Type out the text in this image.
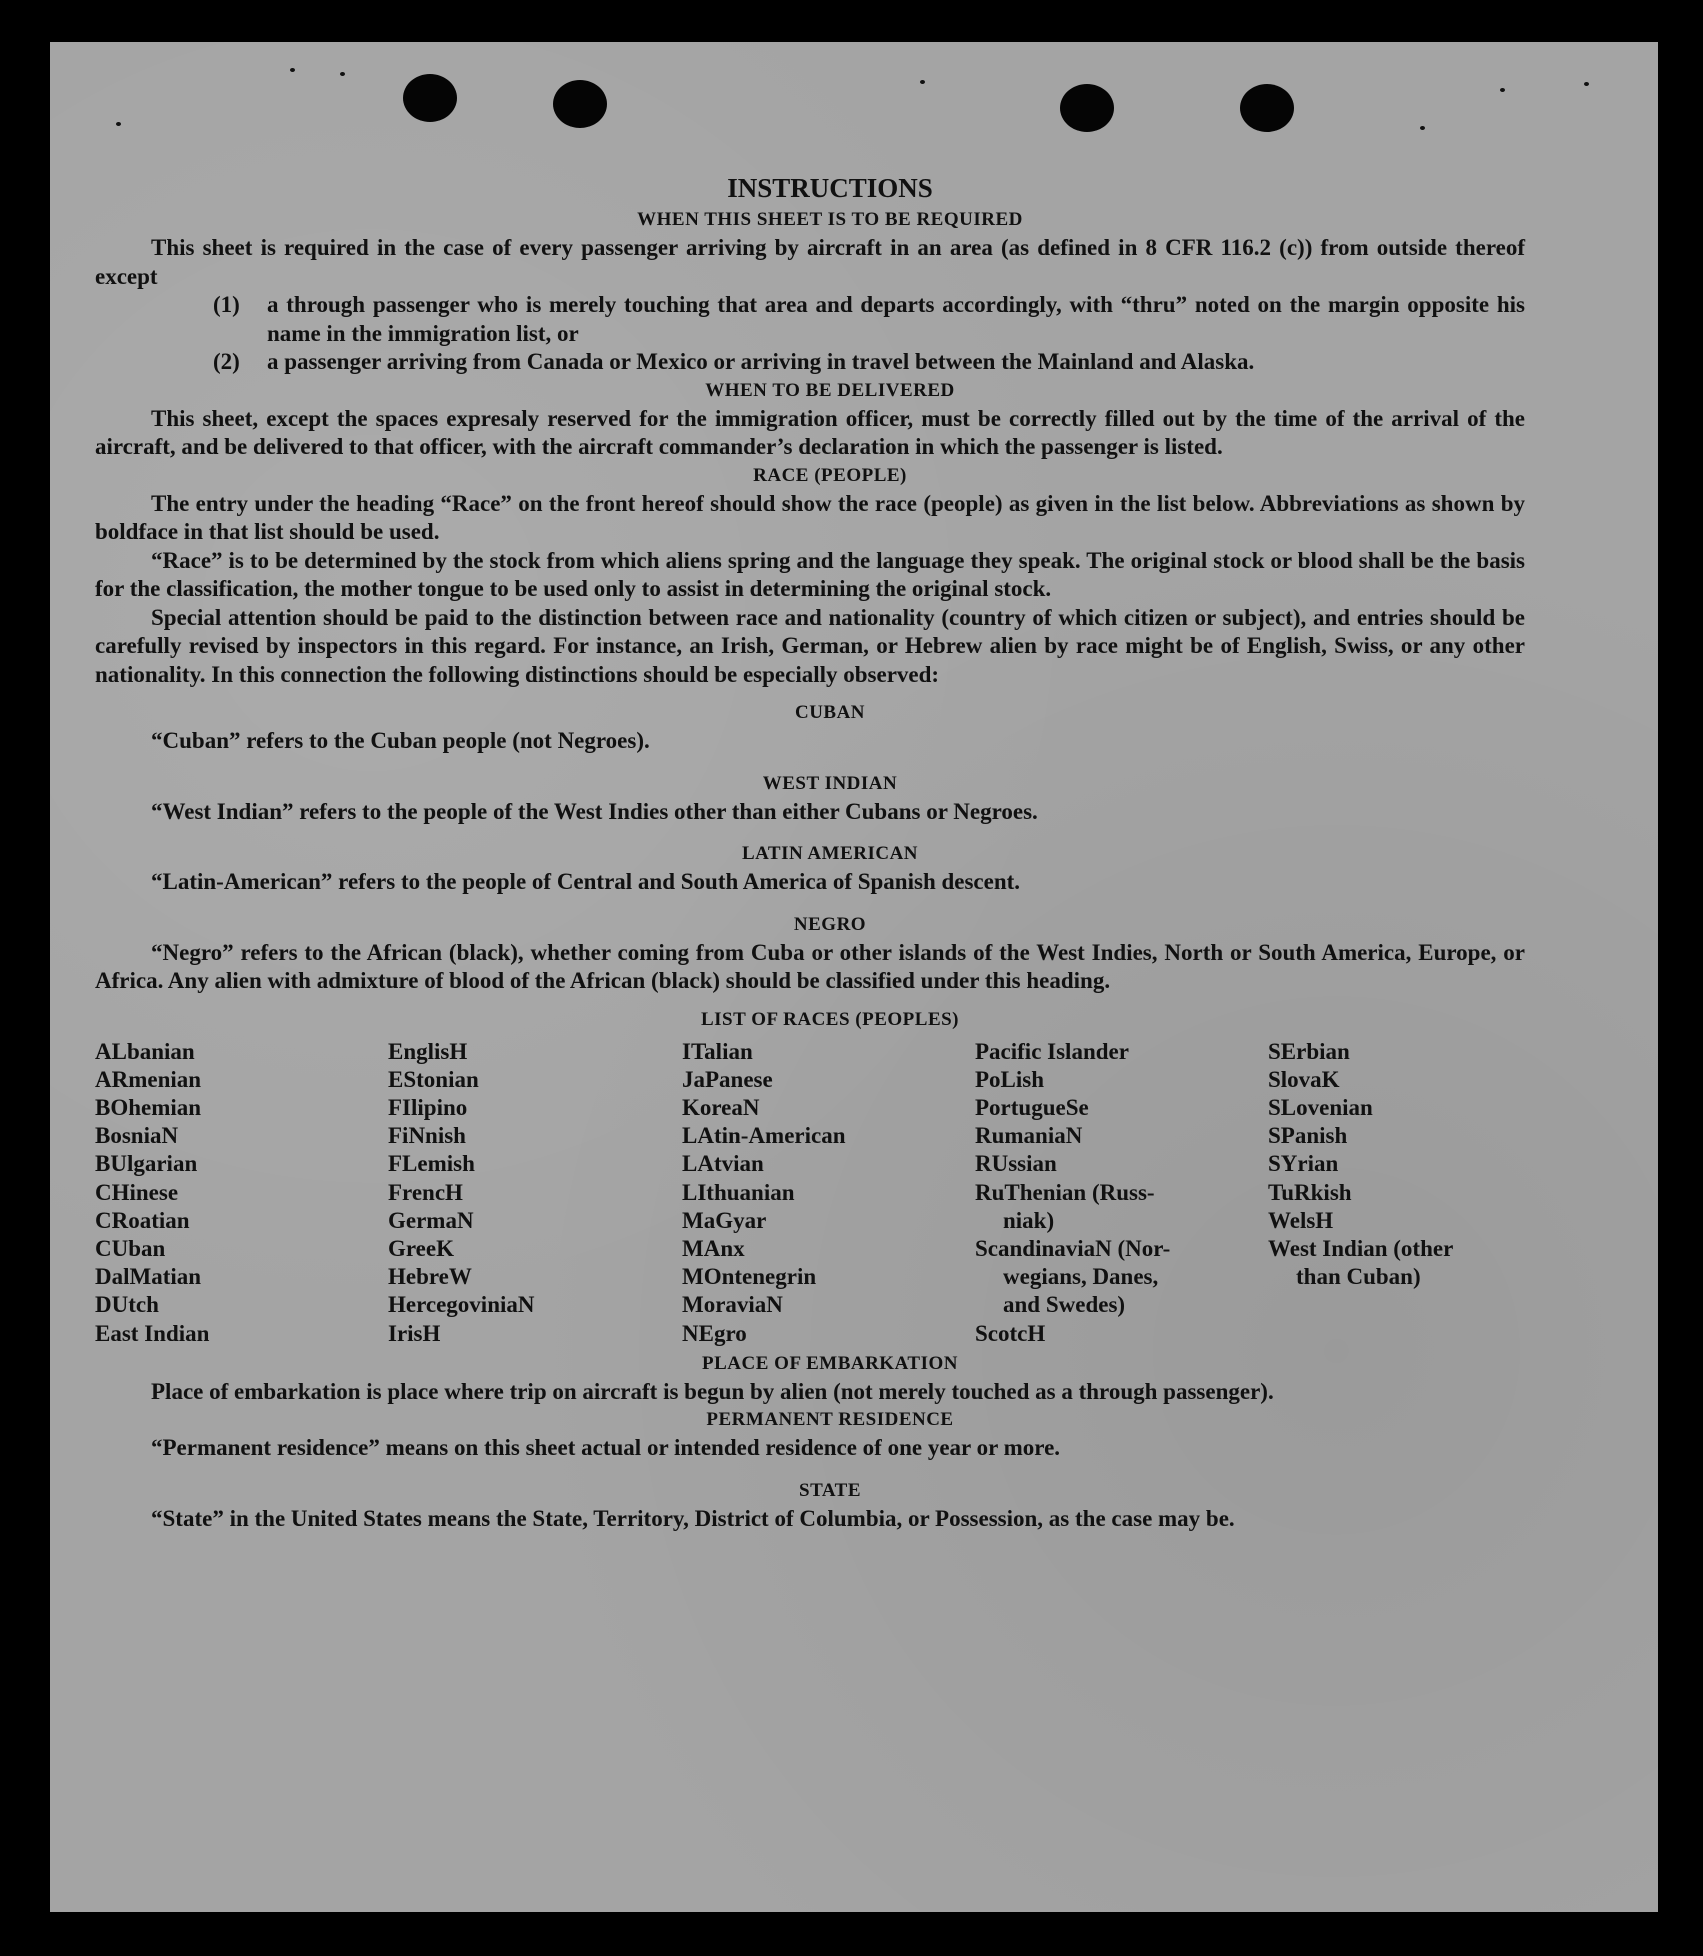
INSTRUCTIONS
WHEN THIS SHEET IS TO BE REQUIRED

This sheet is required in the case of every passenger arriving by aircraft in an area (as defined in 8 CFR 116.2 (c)) from outside thereof except

(1)	a through passenger who is merely touching that area and departs accordingly, with “thru” noted on the margin opposite his name in the immigration list, or
(2)	a passenger arriving from Canada or Mexico or arriving in travel between the Mainland and Alaska.
WHEN TO BE DELIVERED

This sheet, except the spaces expresaly reserved for the immigration officer, must be correctly filled out by the time of the arrival of the aircraft, and be delivered to that officer, with the aircraft commander’s declaration in which the passenger is listed.

RACE (PEOPLE)

The entry under the heading “Race” on the front hereof should show the race (people) as given in the list below. Abbreviations as shown by boldface in that list should be used.

“Race” is to be determined by the stock from which aliens spring and the language they speak. The original stock or blood shall be the basis for the classification, the mother tongue to be used only to assist in determining the original stock.

Special attention should be paid to the distinction between race and nationality (country of which citizen or subject), and entries should be carefully revised by inspectors in this regard. For instance, an Irish, German, or Hebrew alien by race might be of English, Swiss, or any other nationality. In this connection the following distinctions should be especially observed:

CUBAN

“Cuban” refers to the Cuban people (not Negroes).

WEST INDIAN

“West Indian” refers to the people of the West Indies other than either Cubans or Negroes.

LATIN AMERICAN

“Latin-American” refers to the people of Central and South America of Spanish descent.

NEGRO

“Negro” refers to the African (black), whether coming from Cuba or other islands of the West Indies, North or South America, Europe, or Africa. Any alien with admixture of blood of the African (black) should be classified under this heading.

LIST OF RACES (PEOPLES)
ALbanian
ARmenian
BOhemian
BosniaN
BUlgarian
CHinese
CRoatian
CUban
DalMatian
DUtch
East Indian
EnglisH
EStonian
FIlipino
FiNnish
FLemish
FrencH
GermaN
GreeK
HebreW
HercegoviniaN
IrisH
ITalian
JaPanese
KoreaN
LAtin-American
LAtvian
LIthuanian
MaGyar
MAnx
MOntenegrin
MoraviaN
NEgro
Pacific Islander
PoLish
PortugueSe
RumaniaN
RUssian
RuThenian (Russ-
niak)
ScandinaviaN (Nor-
wegians, Danes,
and Swedes)
ScotcH
SErbian
SlovaK
SLovenian
SPanish
SYrian
TuRkish
WelsH
West Indian (other
than Cuban)
PLACE OF EMBARKATION

Place of embarkation is place where trip on aircraft is begun by alien (not merely touched as a through passenger).

PERMANENT RESIDENCE

“Permanent residence” means on this sheet actual or intended residence of one year or more.

STATE

“State” in the United States means the State, Territory, District of Columbia, or Possession, as the case may be.
